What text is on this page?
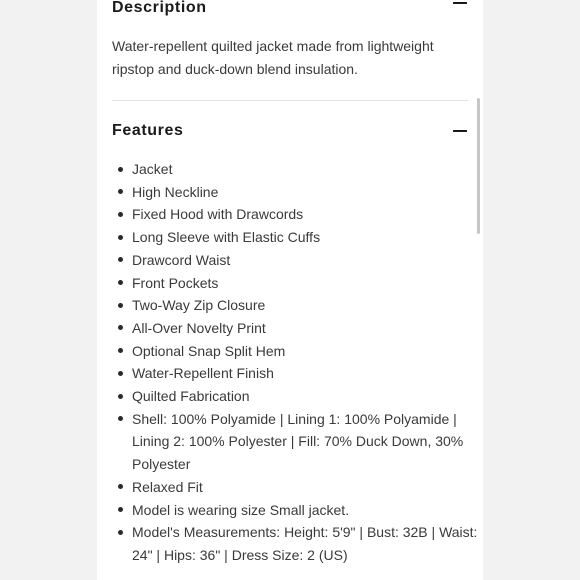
Description
Water-repellent quilted jacket made from lightweight ripstop and duck-down blend insulation.
Features
Jacket
High Neckline
Fixed Hood with Drawcords
Long Sleeve with Elastic Cuffs
Drawcord Waist
Front Pockets
Two-Way Zip Closure
All-Over Novelty Print
Optional Snap Split Hem
Water-Repellent Finish
Quilted Fabrication
Shell: 100% Polyamide | Lining 1: 100% Polyamide | Lining 2: 100% Polyester | Fill: 70% Duck Down, 30% Polyester
Relaxed Fit
Model is wearing size Small jacket.
Model's Measurements: Height: 5'9" | Bust: 32B | Waist: 24" | Hips: 36" | Dress Size: 2 (US)
